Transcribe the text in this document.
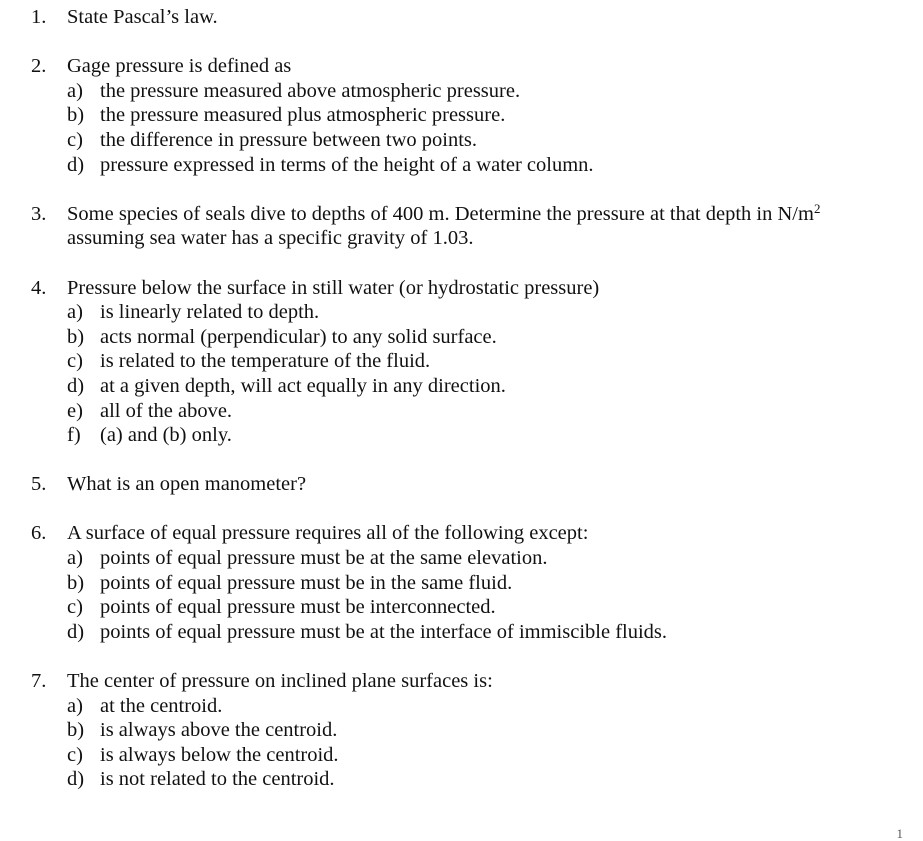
1. State Pascal’s law.
2. Gage pressure is defined as
a) the pressure measured above atmospheric pressure.
b) the pressure measured plus atmospheric pressure.
c) the difference in pressure between two points.
d) pressure expressed in terms of the height of a water column.
3. Some species of seals dive to depths of 400 m. Determine the pressure at that depth in $N/m^2$
assuming sea water has a specific gravity of 1.03.
4. Pressure below the surface in still water (or hydrostatic pressure)
a) is linearly related to depth.
b) acts normal (perpendicular) to any solid surface.
c) is related to the temperature of the fluid.
d) at a given depth, will act equally in any direction.
e) all of the above.
f) (a) and (b) only.
5. What is an open manometer?
6. A surface of equal pressure requires all of the following except:
a) points of equal pressure must be at the same elevation.
b) points of equal pressure must be in the same fluid.
c) points of equal pressure must be interconnected.
d) points of equal pressure must be at the interface of immiscible fluids.
7. The center of pressure on inclined plane surfaces is:
a) at the centroid.
b) is always above the centroid.
c) is always below the centroid.
d) is not related to the centroid.
1
